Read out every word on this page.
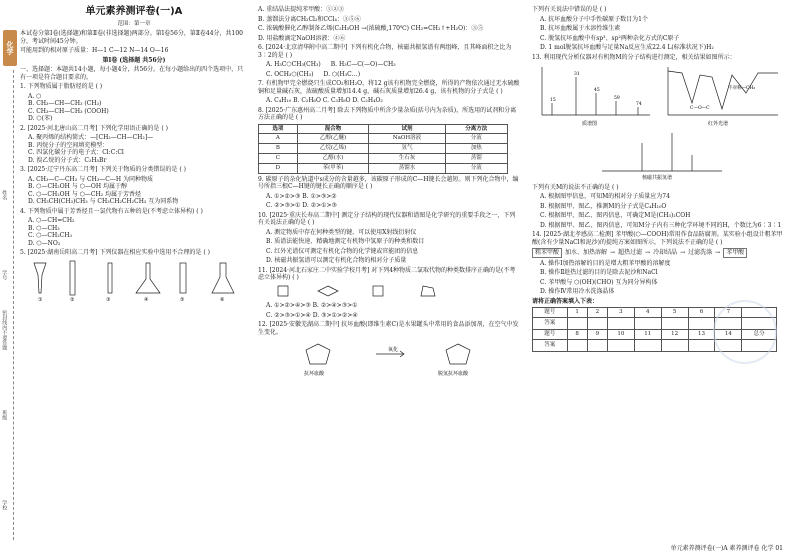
化学
姓名
学号
密封线内不要答题
班级
学校
单元素养测评卷(一)A
范围：第一章
本试卷分第Ⅰ卷(选择题)和第Ⅱ卷(非选择题)两部分。第Ⅰ卷56分，第Ⅱ卷44分，共100分，考试时间45分钟。
可能用到的相对原子质量：H—1 C—12 N—14 O—16
第Ⅰ卷 (选择题 共56分)
一、选择题：本题共14小题，每小题4分，共56分。在每小题给出的四个选项中，只有一项是符合题目要求的。
1. 下列物质属于脂肪烃的是 ( )
A. ⬡
B. CH₃—CH—CH₃ (CH₃)
C. CH₃—CH—CH₃ (COOH)
D. ⬡(苯)
2. [2025·河北唐山高二月考] 下列化学用语正确的是 ( )
A. 聚丙烯的结构简式：—[CH₂—CH—CH₂]—
B. 丙烷分子的空间填充模型：
C. 四氯化碳分子的电子式：Cl:C:Cl
D. 溴乙烷的分子式：C₂H₅Br
3. [2025·辽宁丹东高二月考] 下列关于物质的分类错误的是 ( )
A. CH₃—C—CH₃ 与 CH₃—C—H 为同种物质
B. ⬡—CH₂OH 与 ⬡—OH 均属于醇
C. ⬡—CH₂OH 与 ⬡—CH₂ 均属于芳香烃
D. CH₃CH(CH₃)CH₃ 与 CH₃CH₂CH₂CH₃ 互为同系物
4. 下列物质中属于芳香烃且一氯代物有五种的是(不考虑立体异构) ( )
A. ⬡—CH=CH₂
B. ⬡—CH₃
C. ⬡—CH₂CH₃
D. ⬡—NO₂
5. [2025·湖南岳阳高二月考] 下列仪器在相应实验中选用不合理的是 ( )
①	②	③	④	⑤	⑥
A. 重结晶法提纯苯甲酸：①②③
B. 蒸馏法分离CH₂Cl₂和CCl₄：③⑤⑥
C. 浓硫酸催化乙醇制备乙烯(C₂H₅OH →(浓硫酸,170℃) CH₂=CH₂↑+H₂O)：③⑤
D. 用盐酸滴定NaOH溶液：④⑥
6. [2024·北京清华附中高二期中] 下列有机化合物，核磁共振氢谱有两组峰，且其峰面积之比为3∶2的是 ( )
A. H₃C⬡CH₃(CH₃) B. H₃C—C(—O)—CH₃
C. OCH₃⬡(CH₃) D. ⬡(H₃C…)
7. 有机物甲完全燃烧只生成CO₂和H₂O，将12 g该有机物完全燃烧，所得的产物依次通过无水硫酸铜和足量碱石灰，浓硫酸质量增加14.4 g，碱石灰质量增加26.4 g，该有机物的分子式是 ( )
A. C₄H₁₀ B. C₂H₆O C. C₃H₈O D. C₂H₄O₂
8. [2025·广东惠州高二月考] 除去下列物质中所含少量杂质(括号内为杂质)，所选用的试剂和分离方法正确的是 ( )
选项	混合物	试剂	分离方法
A	乙醇(乙醚)	NaOH溶液	分液
B	乙烷(乙烯)	氢气	加热
C	乙醇(水)	生石灰	蒸馏
D	苯(甲苯)	蒸馏水	分液
9. 碳原子的杂化轨道中s成分的含量越多，该碳原子形成的C—H键长会越短。则下列化合物中，编号所指三根C—H键的键长正确的顺序是 ( )
A. ①>②>③ B. ①>③>②
C. ②>③>① D. ②>①>③
10. [2025·重庆长寿高二期中] 测定分子结构的现代仪器和谱图是化学研究的重要手段之一，下列有关说法正确的是 ( )
A. 测定物质中存在何种类型的键，可以使用X射线衍射仪
B. 质谱法能快速、精确地测定有机物中氢原子的种类和数目
C. 红外光谱仪可测定有机化合物的化学键或官能团的信息
D. 核磁共振氢谱可以测定有机化合物的相对分子质量
11. [2024·河北石家庄二中实验学校月考] 对下列4种物质二氯取代物的种类数排序正确的是(不考虑立体异构) ( )
A. ①>②>④>③ B. ②>④>③>①
C. ②>③>①>④ D. ③>①>②>④
12. [2025·安徽芜湖高二期中] 抗坏血酸(即维生素C)是水果罐头中常用的食品添加剂，在空气中发生变化。
氧化
抗坏血酸	脱氢抗坏血酸
下列有关说法中错误的是 ( )
A. 抗坏血酸分子中手性碳原子数目为1个
B. 抗坏血酸属于水溶性维生素
C. 脱氢抗坏血酸中有sp³、sp²两种杂化方式的C原子
D. 1 mol脱氢抗坏血酸与足量Na反应生成22.4 L(标准状况下)H₂
13. 利用现代分析仪器对有机物M的分子结构进行测定，相关结果如图所示：
15
31
45
59
74
C—O—C
不对称—CH₃
质谱图	红外光谱
核磁共振氢谱
下列有关M的说法不正确的是 ( )
A. 根据图甲信息，可知M的相对分子质量应为74
B. 根据图甲、图乙，推测M的分子式是C₄H₁₀O
C. 根据图甲、图乙、图丙信息，可确定M是(CH₃)₂COH
D. 根据图甲、图乙、图丙信息，可知M分子内有三种化学环境不同的H，个数比为6∶3∶1
14. [2025·湖北孝感高二检测] 苯甲酸(⬡—COOH)常用作食品防腐剂。某实验小组设计粗苯甲酸(含有少量NaCl和泥沙)的提纯方案如图所示，下列说法不正确的是 ( )
粗苯甲酸	加水、加热溶解 → 超热过滤 → 冷却结晶 → 过滤洗涤 →	苯甲酸
A. 操作Ⅰ加热溶解的目的是增大粗苯甲酸的溶解度
B. 操作Ⅱ趁热过滤的目的是除去泥沙和NaCl
C. 苯甲酸与 ⬡(OH)(CHO) 互为同分异构体
D. 操作Ⅳ常用冷水洗涤晶体
请将正确答案填入下表：
题号	1	2	3	4	5	6	7	
答案								
题号	8	9	10	11	12	13	14	总分
答案								
单元素养测评卷(一)A 素养测评卷 化学 01
